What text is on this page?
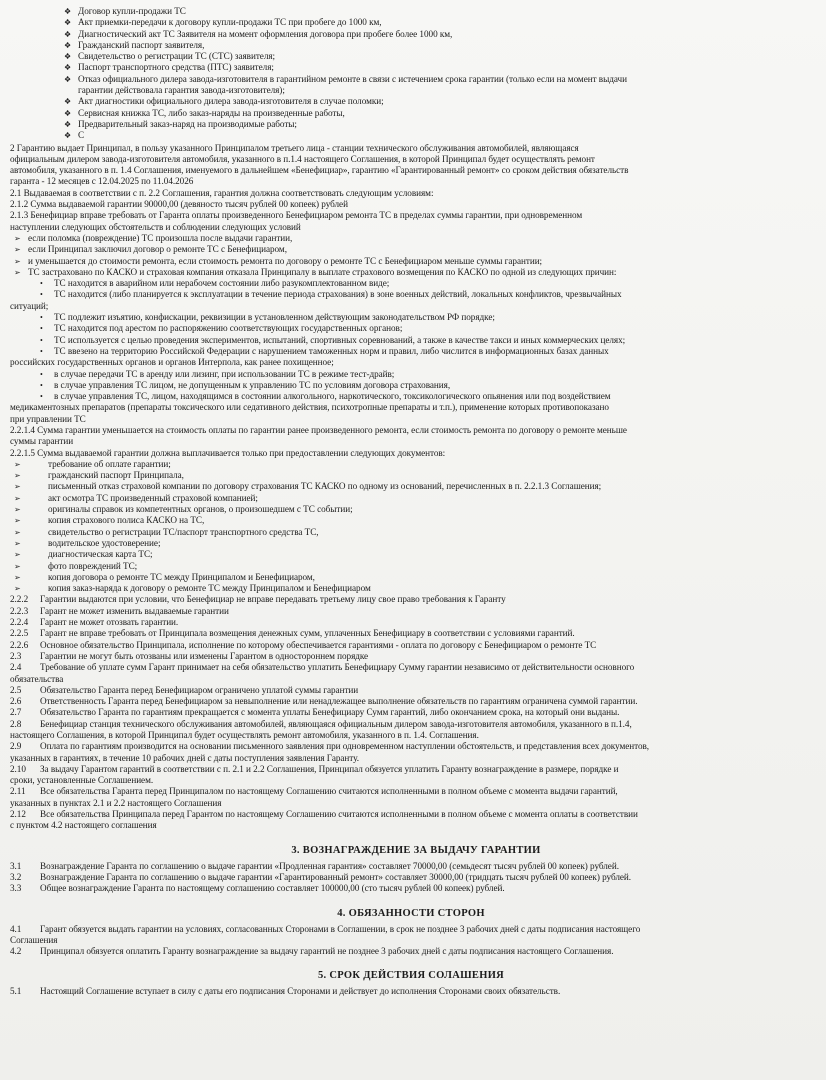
❖ Договор купли-продажи ТС
❖ Акт приемки-передачи к договору купли-продажи ТС при пробеге до 1000 км,
❖ Диагностический акт ТС Заявителя на момент оформления договора при пробеге более 1000 км,
❖ Гражданский паспорт заявителя,
❖ Свидетельство о регистрации ТС (СТС) заявителя;
❖ Паспорт транспортного средства (ПТС) заявителя;
❖ Отказ официального дилера завода-изготовителя в гарантийном ремонте в связи с истечением срока гарантии (только если на момент выдачи
гарантии действовала гарантия завода-изготовителя);
❖ Акт диагностики официального дилера завода-изготовителя в случае поломки;
❖ Сервисная книжка ТС, либо заказ-наряды на произведенные работы,
❖ Предварительный заказ-наряд на производимые работы;
❖ С
2 Гарантию выдает Принципал, в пользу указанного Принципалом третьего лица - станции технического обслуживания автомобилей, являющаяся
официальным дилером завода-изготовителя автомобиля, указанного в п.1.4 настоящего Соглашения, в которой Принципал будет осуществлять ремонт
автомобиля, указанного в п. 1.4 Соглашения, именуемого в дальнейшем «Бенефициар», гарантию «Гарантированный ремонт» со сроком действия обязательств
гаранта - 12 месяцев с 12.04.2025 по 11.04.2026
2.1 Выдаваемая в соответствии с п. 2.2 Соглашения, гарантия должна соответствовать следующим условиям:
2.1.2 Сумма выдаваемой гарантии 90000,00 (девяносто тысяч рублей 00 копеек) рублей
2.1.3 Бенефициар вправе требовать от Гаранта оплаты произведенного Бенефициаром ремонта ТС в пределах суммы гарантии, при одновременном
наступлении следующих обстоятельств и соблюдении следующих условий
➢ если поломка (повреждение) ТС произошла после выдачи гарантии,
➢ если Принципал заключил договор о ремонте ТС с Бенефициаром,
➢ и уменьшается до стоимости ремонта, если стоимость ремонта по договору о ремонте ТС с Бенефициаром меньше суммы гарантии;
➢ ТС застраховано по КАСКО и страховая компания отказала Принципалу в выплате страхового возмещения по КАСКО по одной из следующих причин:
• ТС находится в аварийном или нерабочем состоянии либо разукомплектованном виде;
• ТС находится (либо планируется к эксплуатации в течение периода страхования) в зоне военных действий, локальных конфликтов, чрезвычайных
ситуаций;
• ТС подлежит изъятию, конфискации, реквизиции в установленном действующим законодательством РФ порядке;
• ТС находится под арестом по распоряжению соответствующих государственных органов;
• ТС используется с целью проведения экспериментов, испытаний, спортивных соревнований, а также в качестве такси и иных коммерческих целях;
• ТС ввезено на территорию Российской Федерации с нарушением таможенных норм и правил, либо числится в информационных базах данных
российских государственных органов и органов Интерпола, как ранее похищенное;
• в случае передачи ТС в аренду или лизинг, при использовании ТС в режиме тест-драйв;
• в случае управления ТС лицом, не допущенным к управлению ТС по условиям договора страхования,
• в случае управления ТС, лицом, находящимся в состоянии алкогольного, наркотического, токсикологического опьянения или под воздействием
медикаментозных препаратов (препараты токсического или седативного действия, психотропные препараты и т.п.), применение которых противопоказано
при управлении ТС
2.2.1.4 Сумма гарантии уменьшается на стоимость оплаты по гарантии ранее произведенного ремонта, если стоимость ремонта по договору о ремонте меньше
суммы гарантии
2.2.1.5 Сумма выдаваемой гарантии должна выплачивается только при предоставлении следующих документов:
➢	требование об оплате гарантии;
➢	гражданский паспорт Принципала,
➢	письменный отказ страховой компании по договору страхования ТС КАСКО по одному из оснований, перечисленных в п. 2.2.1.3 Соглашения;
➢	акт осмотра ТС произведенный страховой компанией;
➢	оригиналы справок из компетентных органов, о произошедшем с ТС событии;
➢	копия страхового полиса КАСКО на ТС,
➢	свидетельство о регистрации ТС/паспорт транспортного средства ТС,
➢	водительское удостоверение;
➢	диагностическая карта ТС;
➢	фото повреждений ТС;
➢	копия договора о ремонте ТС между Принципалом и Бенефициаром,
➢	копия заказ-наряда к договору о ремонте ТС между Принципалом и Бенефициаром
2.2.2 Гарантии выдаются при условии, что Бенефициар не вправе передавать третьему лицу свое право требования к Гаранту
2.2.3 Гарант не может изменить выдаваемые гарантии
2.2.4 Гарант не может отозвать гарантии.
2.2.5 Гарант не вправе требовать от Принципала возмещения денежных сумм, уплаченных Бенефициару в соответствии с условиями гарантий.
2.2.6 Основное обязательство Принципала, исполнение по которому обеспечивается гарантиями - оплата по договору с Бенефициаром о ремонте ТС
2.3 Гарантии не могут быть отозваны или изменены Гарантом в одностороннем порядке
2.4 Требование об уплате сумм Гарант принимает на себя обязательство уплатить Бенефициару Сумму гарантии независимо от действительности основного
обязательства
2.5 Обязательство Гаранта перед Бенефициаром ограничено уплатой суммы гарантии
2.6 Ответственность Гаранта перед Бенефициаром за невыполнение или ненадлежащее выполнение обязательств по гарантиям ограничена суммой гарантии.
2.7 Обязательство Гаранта по гарантиям прекращается с момента уплаты Бенефициару Сумм гарантий, либо окончанием срока, на который они выданы.
2.8 Бенефициар станция технического обслуживания автомобилей, являющаяся официальным дилером завода-изготовителя автомобиля, указанного в п.1.4,
настоящего Соглашения, в которой Принципал будет осуществлять ремонт автомобиля, указанного в п. 1.4. Соглашения.
2.9 Оплата по гарантиям производится на основании письменного заявления при одновременном наступлении обстоятельств, и представления всех документов,
указанных в гарантиях, в течение 10 рабочих дней с даты поступления заявления Гаранту.
2.10 За выдачу Гарантом гарантий в соответствии с п. 2.1 и 2.2 Соглашения, Принципал обязуется уплатить Гаранту вознаграждение в размере, порядке и
сроки, установленные Соглашением.
2.11 Все обязательства Гаранта перед Принципалом по настоящему Соглашению считаются исполненными в полном объеме с момента выдачи гарантий,
указанных в пунктах 2.1 и 2.2 настоящего Соглашения
2.12 Все обязательства Принципала перед Гарантом по настоящему Соглашению считаются исполненными в полном объеме с момента оплаты в соответствии
с пунктом 4.2 настоящего соглашения
3. ВОЗНАГРАЖДЕНИЕ ЗА ВЫДАЧУ ГАРАНТИИ
3.1 Вознаграждение Гаранта по соглашению о выдаче гарантии «Продленная гарантия» составляет 70000,00 (семьдесят тысяч рублей 00 копеек) рублей.
3.2 Вознаграждение Гаранта по соглашению о выдаче гарантии «Гарантированный ремонт» составляет 30000,00 (тридцать тысяч рублей 00 копеек) рублей.
3.3 Общее вознаграждение Гаранта по настоящему соглашению составляет 100000,00 (сто тысяч рублей 00 копеек) рублей.
4. ОБЯЗАННОСТИ СТОРОН
4.1 Гарант обязуется выдать гарантии на условиях, согласованных Сторонами в Соглашении, в срок не позднее 3 рабочих дней с даты подписания настоящего
Соглашения
4.2 Принципал обязуется оплатить Гаранту вознаграждение за выдачу гарантий не позднее 3 рабочих дней с даты подписания настоящего Соглашения.
5. СРОК ДЕЙСТВИЯ СОЛАШЕНИЯ
5.1 Настоящий Соглашение вступает в силу с даты его подписания Сторонами и действует до исполнения Сторонами своих обязательств.
